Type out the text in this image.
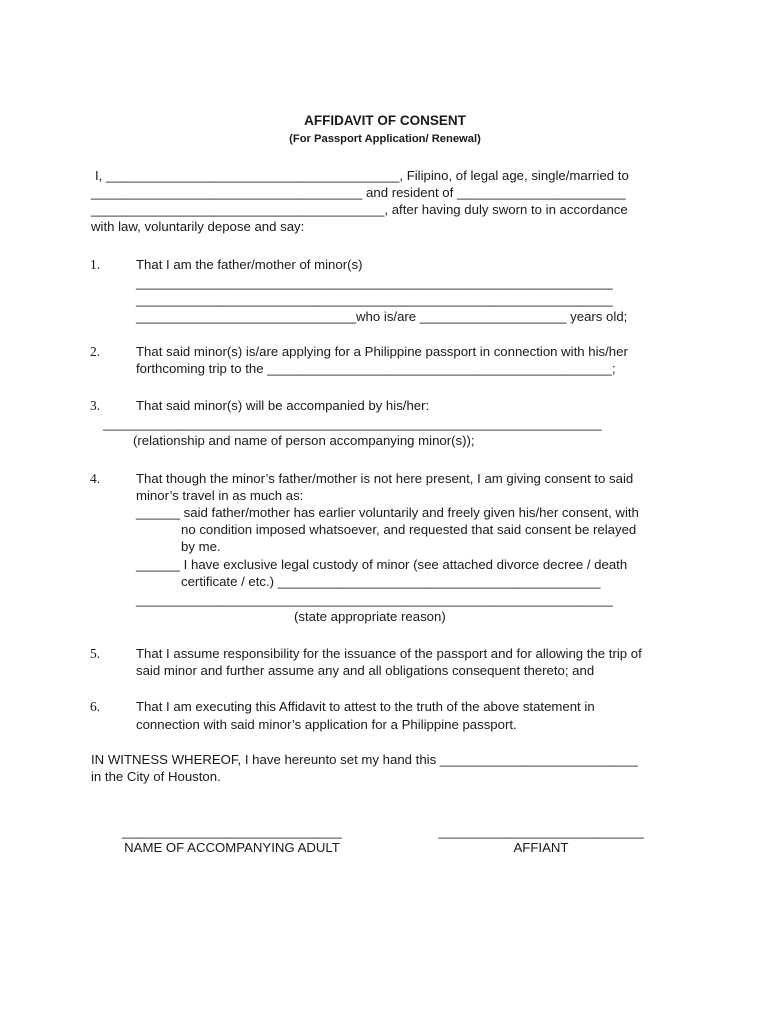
AFFIDAVIT OF CONSENT
(For Passport Application/ Renewal)
I, ________________________________________, Filipino, of legal age, single/married to
_____________________________________ and resident of _______________________
________________________________________, after having duly sworn to in accordance
with law, voluntarily depose and say:
1.	That I am the father/mother of minor(s)
_________________________________________________________________
_________________________________________________________________
______________________________who is/are ____________________ years old;
2.	That said minor(s) is/are applying for a Philippine passport in connection with his/her
forthcoming trip to the _______________________________________________;
3.	That said minor(s) will be accompanied by his/her:
____________________________________________________________________
(relationship and name of person accompanying minor(s));
4.	That though the minor’s father/mother is not here present, I am giving consent to said
minor’s travel in as much as:
______ said father/mother has earlier voluntarily and freely given his/her consent, with
no condition imposed whatsoever, and requested that said consent be relayed
by me.
______ I have exclusive legal custody of minor (see attached divorce decree / death
certificate / etc.) ____________________________________________
_________________________________________________________________
(state appropriate reason)
5.	That I assume responsibility for the issuance of the passport and for allowing the trip of
said minor and further assume any and all obligations consequent thereto; and
6.	That I am executing this Affidavit to attest to the truth of the above statement in
connection with said minor’s application for a Philippine passport.
IN WITNESS WHEREOF, I have hereunto set my hand this ___________________________
in the City of Houston.
______________________________
NAME OF ACCOMPANYING ADULT
____________________________
AFFIANT
